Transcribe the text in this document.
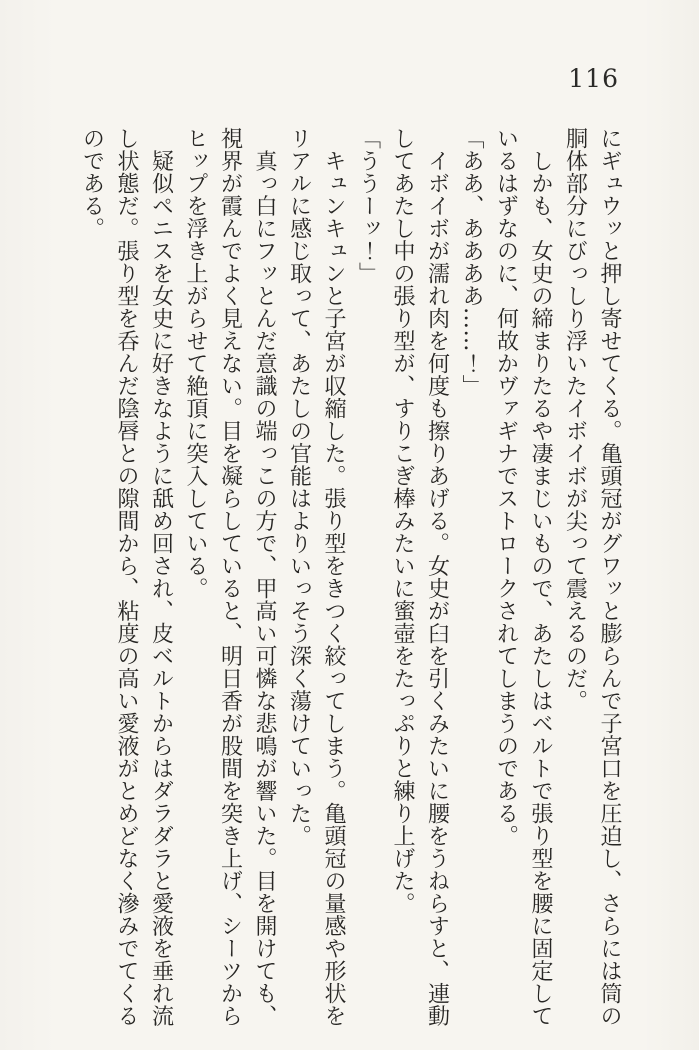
116

にギュウッと押し寄せてくる。亀頭冠がグワッと膨らんで子宮口を圧迫し、さらには筒の

胴体部分にびっしり浮いたイボイボが尖って震えるのだ。

　しかも、女史の締まりたるや凄まじいもので、あたしはベルトで張り型を腰に固定して

いるはずなのに、何故かヴァギナでストロークされてしまうのである。

「ああ、ああああ……！」

　イボイボが濡れ肉を何度も擦りあげる。女史が臼を引くみたいに腰をうねらすと、連動

してあたし中の張り型が、すりこぎ棒みたいに蜜壺をたっぷりと練り上げた。

「ううーッ！」

　キュンキュンと子宮が収縮した。張り型をきつく絞ってしまう。亀頭冠の量感や形状を

リアルに感じ取って、あたしの官能はよりいっそう深く蕩けていった。

　真っ白にフッとんだ意識の端っこの方で、甲高い可憐な悲鳴が響いた。目を開けても、

視界が霞んでよく見えない。目を凝らしていると、明日香が股間を突き上げ、シーツから

ヒップを浮き上がらせて絶頂に突入している。

　疑似ペニスを女史に好きなように舐め回され、皮ベルトからはダラダラと愛液を垂れ流

し状態だ。張り型を呑んだ陰唇との隙間から、粘度の高い愛液がとめどなく滲みでてくる

のである。
